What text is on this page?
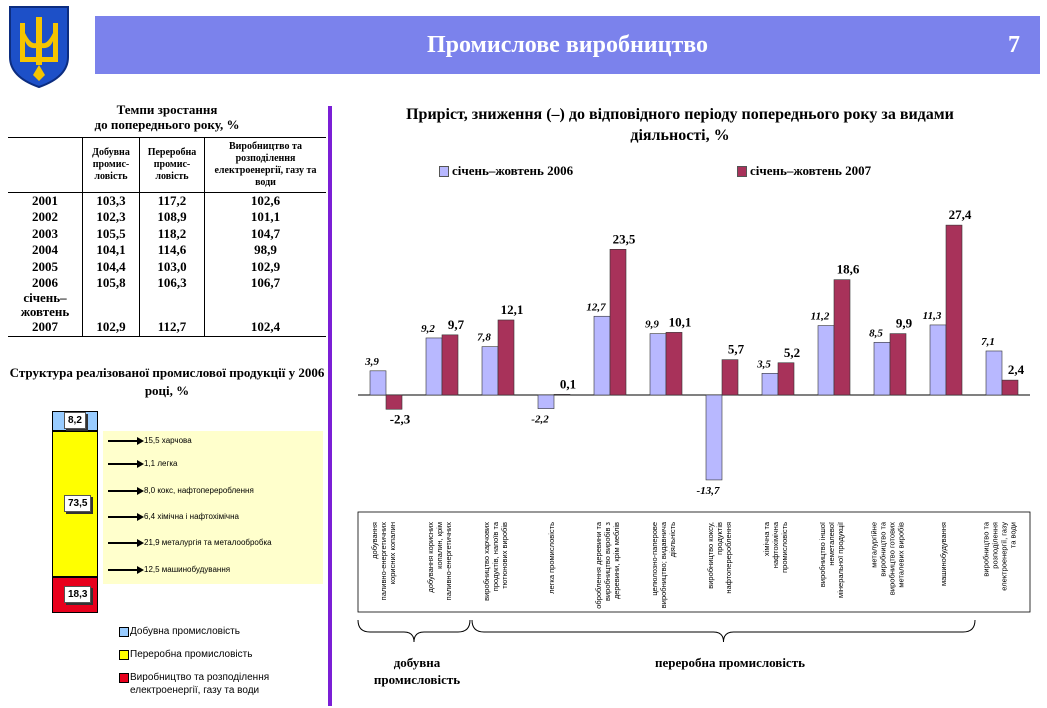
Промислове виробництво	7
Темпи зростання
до попереднього року, %
	Добувна промис-ловість	Переробна промис-ловість	Виробництво та розподілення електроенергії, газу та води
2001	103,3	117,2	102,6
2002	102,3	108,9	101,1
2003	105,5	118,2	104,7
2004	104,1	114,6	98,9
2005	104,4	103,0	102,9
2006	105,8	106,3	106,7
січень–жовтень			
2007	102,9	112,7	102,4
Структура реалізованої промислової продукції у 2006 році, %
Приріст, зниження (–) до відповідного періоду попереднього року за видами діяльності, %
січень–жовтень 2006	січень–жовтень 2007
3,9
-2,3
добуванняпаливно-енергетичнихкорисних копалин
9,2 9,7
добування кориснихкопалин, крімпаливно-енергетичних
7,8
12,1
виробництво харчовихпродуктів, напоїв татютюнових виробів
-2,2
0,1
легка промисловість
12,7
23,5
оброблення деревини тавиробництво виробів здеревини, крім меблів
9,9 10,1
целюлозно-паперовевиробництво; видавничадіяльність
-13,7
5,7
виробництво коксу,продуктівнафтоперероблення
3,5
5,2
хімічна танафтохімічнапромисловість
11,2
18,6
виробництво іншоїнеметалевоїмінеральної продукції
8,5
9,9
металургійневиробництво тавиробництво готовихметалевих виробів
11,3
27,4
машинобудування
7,1
2,4
виробництво тарозподіленняелектроенергії, газута води
добувна промисловість
переробна промисловість
8,2
73,5
18,3
15,5 харчова
1,1 легка
8,0 кокс, нафтоперероблення
6,4 хімічна і нафтохімічна
21,9 металургія та металообробка
12,5 машинобудування
Добувна промисловість
Переробна промисловість
Виробництво та розподілення електроенергії, газу та води
